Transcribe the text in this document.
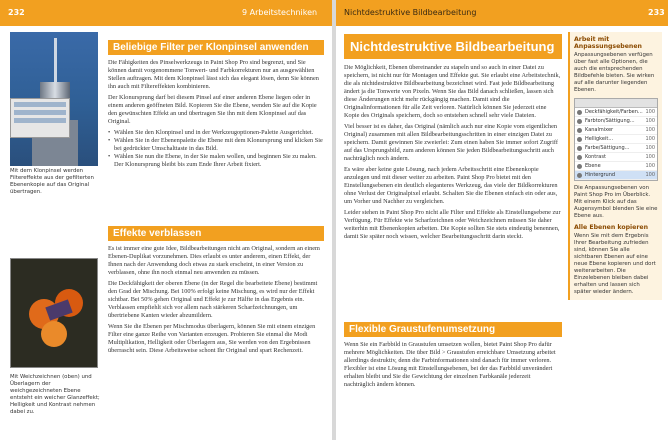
232	9 Arbeitstechniken	Nichtdestruktive Bildbearbeitung	233
Mit dem Klonpinsel werden Filtereffekte aus der gefilterten Ebenenkopie auf das Original übertragen.
Mit Weichzeichnen (oben) und Überlagern der weichgezeichneten Ebene entsteht ein weicher Glanzeffekt; Helligkeit und Kontrast nehmen dabei zu.
Beliebige Filter per Klonpinsel anwenden

Die Fähigkeiten des Pinselwerkzeugs in Paint Shop Pro sind begrenzt, und Sie können damit vorgenommene Tonwert- und Farbkorrekturen nur an ausgewählten Stellen auftragen. Mit dem Klonpinsel lässt sich das elegant lösen, denn Sie können ihn auch mit Filtereffekten kombinieren.

Der Klonursprung darf bei diesem Pinsel auf einer anderen Ebene liegen oder in einem anderen geöffneten Bild. Kopieren Sie die Ebene, wenden Sie auf die Kopie den gewünschten Effekt an und übertragen Sie ihn mit dem Klonpinsel auf das Original.

• Wählen Sie den Klonpinsel und in der Werkzeugoptionen-Palette Ausgerichtet.
• Wählen Sie in der Ebenenpalette die Ebene mit dem Klonursprung und klicken Sie bei gedrückter Umschalttaste in das Bild.
• Wählen Sie nun die Ebene, in der Sie malen wollen, und beginnen Sie zu malen. Der Klonursprung bleibt bis zum Ende Ihrer Arbeit fixiert.
Effekte verblassen

Es ist immer eine gute Idee, Bildbearbeitungen nicht am Original, sondern an einem Ebenen-Duplikat vorzunehmen. Dies erlaubt es unter anderem, einen Effekt, der Ihnen nach der Anwendung doch etwas zu stark erscheint, in einer Version zu verblassen, ohne ihn noch einmal neu anwenden zu müssen.

Die Deckfähigkeit der oberen Ebene (in der Regel die bearbeitete Ebene) bestimmt den Grad der Mischung. Bei 100% erfolgt keine Mischung, es wird nur der Effekt sichtbar. Bei 50% gehen Original und Effekt je zur Hälfte in das Ergebnis ein. Verblassen empfiehlt sich vor allem nach stärkeren Scharfzeichnungen, um übertriebene Kanten wieder abzumildern.

Wenn Sie die Ebenen per Mischmodus überlagern, können Sie mit einem einzigen Filter eine ganze Reihe von Varianten erzeugen. Probieren Sie einmal die Modi Multiplikation, Helligkeit oder Überlagern aus, Sie werden von den Ergebnissen überrascht sein. Diese Arbeitsweise schont Ihr Original und spart Rechenzeit.

Nichtdestruktive Bildbearbeitung

Die Möglichkeit, Ebenen übereinander zu stapeln und so auch in einer Datei zu speichern, ist nicht nur für Montagen und Effekte gut. Sie erlaubt eine Arbeitstechnik, die als nichtdestruktive Bildbearbeitung bezeichnet wird. Fast jede Bildbearbeitung ändert ja die Tonwerte von Pixeln. Wenn Sie das Bild danach schließen, lassen sich diese Änderungen nicht mehr rückgängig machen. Damit sind die Originalinformationen für alle Zeit verloren. Natürlich können Sie jederzeit eine Kopie des Originals speichern, doch so entstehen schnell sehr viele Dateien.

Viel besser ist es daher, das Original (nämlich auch nur eine Kopie vom eigentlichen Original) zusammen mit allen Bildbearbeitungsschritten in einer einzigen Datei zu speichern. Damit gewinnen Sie zweierlei: Zum einen haben Sie immer sofort Zugriff auf das Ursprungsbild, zum anderen können Sie jeden Bildbearbeitungsschritt auch nachträglich noch ändern.

Es wäre aber keine gute Lösung, nach jedem Arbeitsschritt eine Ebenenkopie anzulegen und mit dieser weiter zu arbeiten. Paint Shop Pro bietet mit den Einstellungsebenen ein deutlich eleganteres Werkzeug, das viele der Bildkorrekturen ohne Verlust der Originalpixel erlaubt. Schalten Sie die Ebenen einfach ein oder aus, um Vorher und Nachher zu vergleichen.

Leider stehen in Paint Shop Pro nicht alle Filter und Effekte als Einstellungsebene zur Verfügung. Für Effekte wie Scharfzeichnen oder Weichzeichnen müssen Sie daher weiterhin mit Ebenenkopien arbeiten. Die Kopie sollten Sie stets eindeutig benennen, damit Sie später noch wissen, welcher Bearbeitungsschritt darin steckt.

Flexible Graustufenumsetzung

Wenn Sie ein Farbbild in Graustufen umsetzen wollen, bietet Paint Shop Pro dafür mehrere Möglichkeiten. Die über Bild > Graustufen erreichbare Umsetzung arbeitet allerdings destruktiv, denn die Farbinformationen sind danach für immer verloren. Flexibler ist eine Lösung mit Einstellungsebenen, bei der das Farbbild unverändert erhalten bleibt und Sie die Gewichtung der einzelnen Farbkanäle jederzeit nachträglich ändern können.

Arbeit mit Anpassungsebenen
Anpassungsebenen verfügen über fast alle Optionen, die auch die entsprechenden Bildbefehle bieten. Sie wirken auf alle darunter liegenden Ebenen.
Deckfähigkeit/Farben... 100
Farbton/Sättigung...	100
Kanalmixer	100
Helligkeit...	100
Farbe/Sättigung...	100
Kontrast	100
Ebene	100
Hintergrund	100
Die Anpassungsebenen von Paint Shop Pro im Überblick. Mit einem Klick auf das Augensymbol blenden Sie eine Ebene aus.
Alle Ebenen kopieren
Wenn Sie mit dem Ergebnis Ihrer Bearbeitung zufrieden sind, können Sie alle sichtbaren Ebenen auf eine neue Ebene kopieren und dort weiterarbeiten. Die Einzelebenen bleiben dabei erhalten und lassen sich später wieder ändern.
